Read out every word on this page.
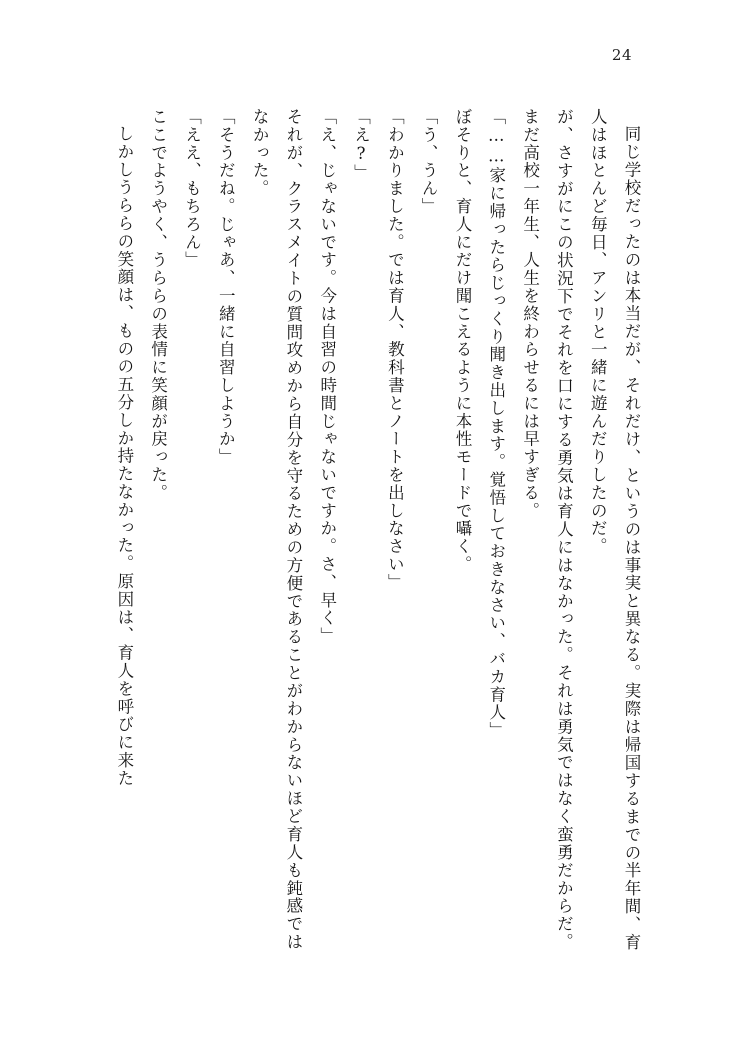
24

同じ学校だったのは本当だが、それだけ、というのは事実と異なる。実際は帰国するまでの半年間、育人はほとんど毎日、アンリと一緒に遊んだりしたのだ。

が、さすがにこの状況下でそれを口にする勇気は育人にはなかった。それは勇気ではなく蛮勇だからだ。まだ高校一年生、人生を終わらせるには早すぎる。

「……家に帰ったらじっくり聞き出します。覚悟しておきなさい、バカ育人」

ぼそりと、育人にだけ聞こえるように本性モードで囁く。

「う、うん」

「わかりました。では育人、教科書とノートを出しなさい」

「え?」

「え、じゃないです。今は自習の時間じゃないですか。さ、早く」

それが、クラスメイトの質問攻めから自分を守るための方便であることがわからないほど育人も鈍感ではなかった。

「そうだね。じゃあ、一緒に自習しようか」

「ええ、もちろん」

ここでようやく、うららの表情に笑顔が戻った。

しかしうららの笑顔は、ものの五分しか持たなかった。原因は、育人を呼びに来た
